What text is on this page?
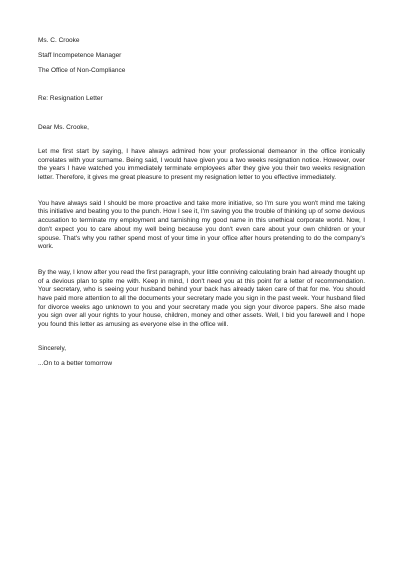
Ms. C. Crooke
Staff Incompetence Manager
The Office of Non-Compliance
Re: Resignation Letter
Dear Ms. Crooke,

Let me first start by saying, I have always admired how your professional demeanor in the office ironically correlates with your surname. Being said, I would have given you a two weeks resignation notice. However, over the years I have watched you immediately terminate employees after they give you their two weeks resignation letter. Therefore, it gives me great pleasure to present my resignation letter to you effective immediately.

You have always said I should be more proactive and take more initiative, so I'm sure you won't mind me taking this initiative and beating you to the punch. How I see it, I'm saving you the trouble of thinking up of some devious accusation to terminate my employment and tarnishing my good name in this unethical corporate world. Now, I don't expect you to care about my well being because you don't even care about your own children or your spouse. That's why you rather spend most of your time in your office after hours pretending to do the company's work.

By the way, I know after you read the first paragraph, your little conniving calculating brain had already thought up of a devious plan to spite me with. Keep in mind, I don't need you at this point for a letter of recommendation. Your secretary, who is seeing your husband behind your back has already taken care of that for me. You should have paid more attention to all the documents your secretary made you sign in the past week. Your husband filed for divorce weeks ago unknown to you and your secretary made you sign your divorce papers. She also made you sign over all your rights to your house, children, money and other assets. Well, I bid you farewell and I hope you found this letter as amusing as everyone else in the office will.

Sincerely,
...On to a better tomorrow
